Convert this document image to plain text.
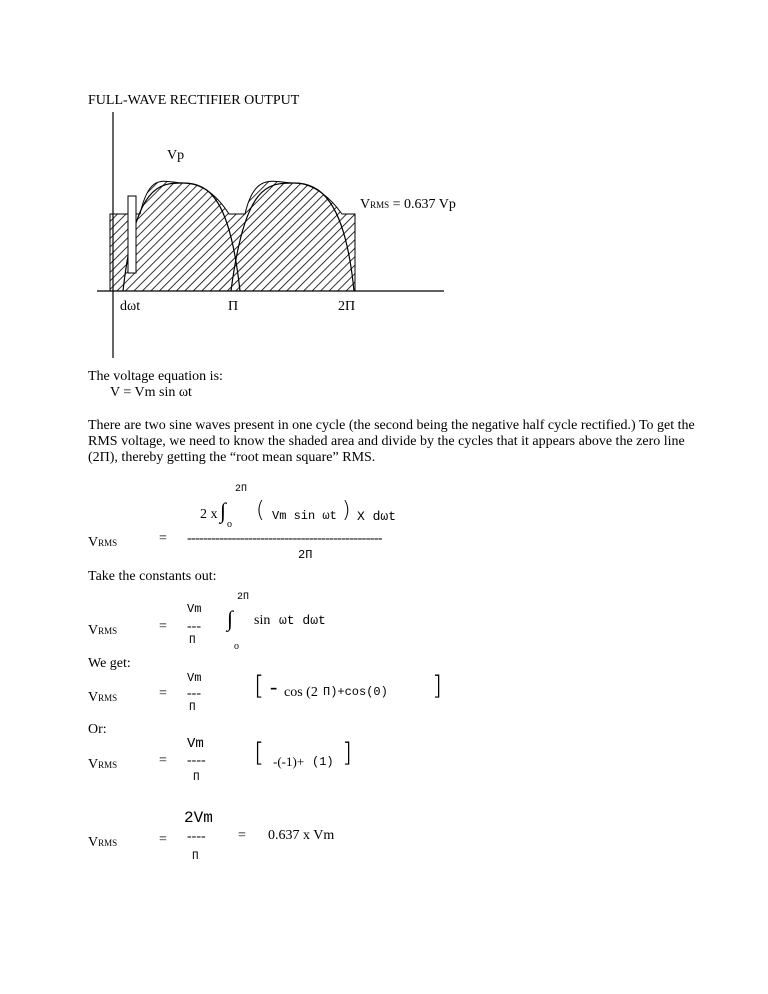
FULL-WAVE RECTIFIER OUTPUT
Vp
VRMS = 0.637 Vp
dωt	Π	2Π
The voltage equation is:
V = Vm sin ωt
There are two sine waves present in one cycle (the second being the negative half cycle rectified.) To get the RMS voltage, we need to know the shaded area and divide by the cycles that it appears above the zero line (2Π), thereby getting the “root mean square” RMS.
2Π
2 x ∫
o
( Vm sin ωt ) X dωt
VRMS	= ------------------------------------------------
2Π
Take the constants out:
Vm
---
Π
VRMS	=
2Π
∫
o
sin ωt dωt
We get:
Vm
---
Π
VRMS	=	[ - cos (2 Π)+cos(0) ]
Or:
Vm
----
Π
VRMS	=	[ -(-1)+ (1) ]
2Vm
----
Π
VRMS	=	= 0.637 x Vm
